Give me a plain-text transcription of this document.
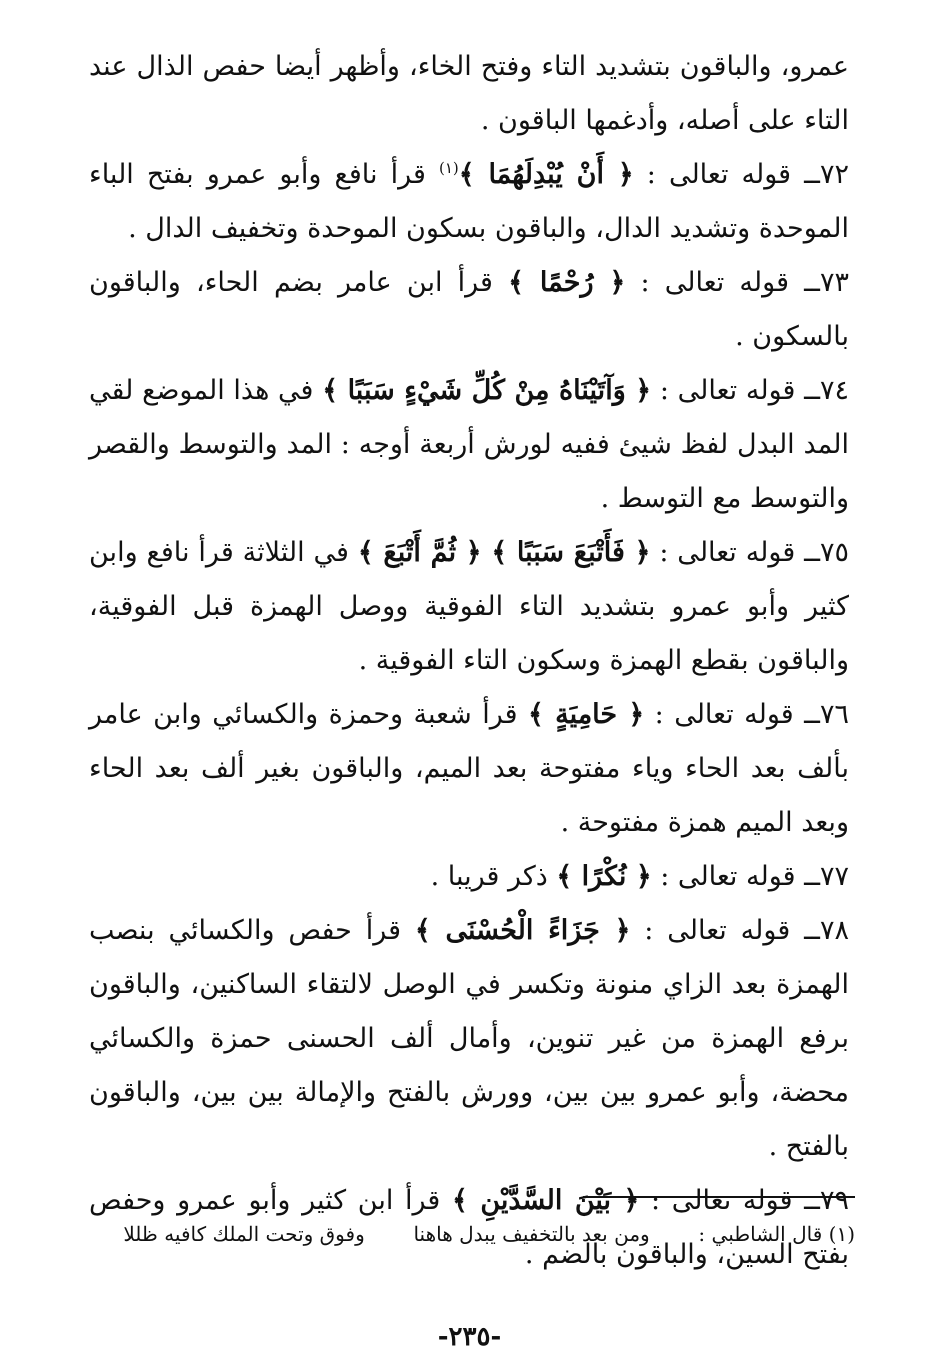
عمرو، والباقون بتشديد التاء وفتح الخاء، وأظهر أيضا حفص الذال عند التاء على أصله، وأدغمها الباقون .

٧٢ــ قوله تعالى : ﴿ أَنْ يُبْدِلَهُمَا ﴾$^{(١)}$ قرأ نافع وأبو عمرو بفتح الباء الموحدة وتشديد الدال، والباقون بسكون الموحدة وتخفيف الدال .

٧٣ــ قوله تعالى : ﴿ رُحْمًا ﴾ قرأ ابن عامر بضم الحاء، والباقون بالسكون .

٧٤ــ قوله تعالى : ﴿ وَآتَيْنَاهُ مِنْ كُلِّ شَيْءٍ سَبَبًا ﴾ في هذا الموضع لقي المد البدل لفظ شيئ ففيه لورش أربعة أوجه : المد والتوسط والقصر والتوسط مع التوسط .

٧٥ــ قوله تعالى : ﴿ فَأَتْبَعَ سَبَبًا ﴾ ﴿ ثُمَّ أَتْبَعَ ﴾ في الثلاثة قرأ نافع وابن كثير وأبو عمرو بتشديد التاء الفوقية ووصل الهمزة قبل الفوقية، والباقون بقطع الهمزة وسكون التاء الفوقية .

٧٦ــ قوله تعالى : ﴿ حَامِيَةٍ ﴾ قرأ شعبة وحمزة والكسائي وابن عامر بألف بعد الحاء وياء مفتوحة بعد الميم، والباقون بغير ألف بعد الحاء وبعد الميم همزة مفتوحة .

٧٧ــ قوله تعالى : ﴿ نُكْرًا ﴾ ذكر قريبا .

٧٨ــ قوله تعالى : ﴿ جَزَاءً الْحُسْنَى ﴾ قرأ حفص والكسائي بنصب الهمزة بعد الزاي منونة وتكسر في الوصل لالتقاء الساكنين، والباقون برفع الهمزة من غير تنوين، وأمال ألف الحسنى حمزة والكسائي محضة، وأبو عمرو بين بين، وورش بالفتح والإمالة بين بين، والباقون بالفتح .

٧٩ــ قوله تعالى : ﴿ بَيْنَ السَّدَّيْنِ ﴾ قرأ ابن كثير وأبو عمرو وحفص بفتح السين، والباقون بالضم .

(١) قال الشاطبي :  ومن بعد بالتخفيف يبدل هاهنا  وفوق وتحت الملك كافيه ظللا
-٢٣٥-
